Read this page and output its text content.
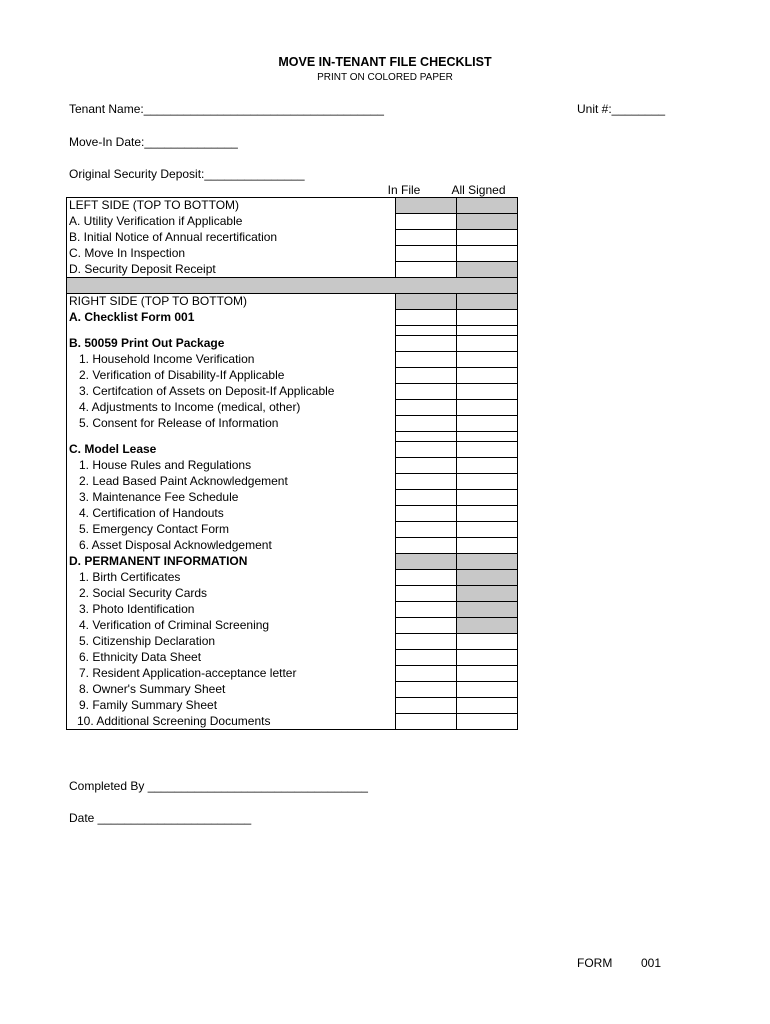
MOVE IN-TENANT FILE CHECKLIST
PRINT ON COLORED PAPER
Tenant Name:____________________________________	Unit #:________
Move-In Date:______________
Original Security Deposit:_______________
In File	All Signed
LEFT SIDE (TOP TO BOTTOM)		
A. Utility Verification if Applicable		
B. Initial Notice of Annual recertification		
C. Move In Inspection		
D. Security Deposit Receipt		

RIGHT SIDE (TOP TO BOTTOM)		
A. Checklist Form 001		

B. 50059 Print Out Package		
1. Household Income Verification		
2. Verification of Disability-If Applicable		
3. Certifcation of Assets on Deposit-If Applicable		
4. Adjustments to Income (medical, other)		
5. Consent for Release of Information		

C. Model Lease		
1. House Rules and Regulations		
2. Lead Based Paint Acknowledgement		
3. Maintenance Fee Schedule		
4. Certification of Handouts		
5. Emergency Contact Form		
6. Asset Disposal Acknowledgement		
D. PERMANENT INFORMATION		
1. Birth Certificates		
2. Social Security Cards		
3. Photo Identification		
4. Verification of Criminal Screening		
5. Citizenship Declaration		
6. Ethnicity Data Sheet		
7. Resident Application-acceptance letter		
8. Owner's Summary Sheet		
9. Family Summary Sheet		
10. Additional Screening Documents		
Completed By _________________________________
Date _______________________
FORM 001
